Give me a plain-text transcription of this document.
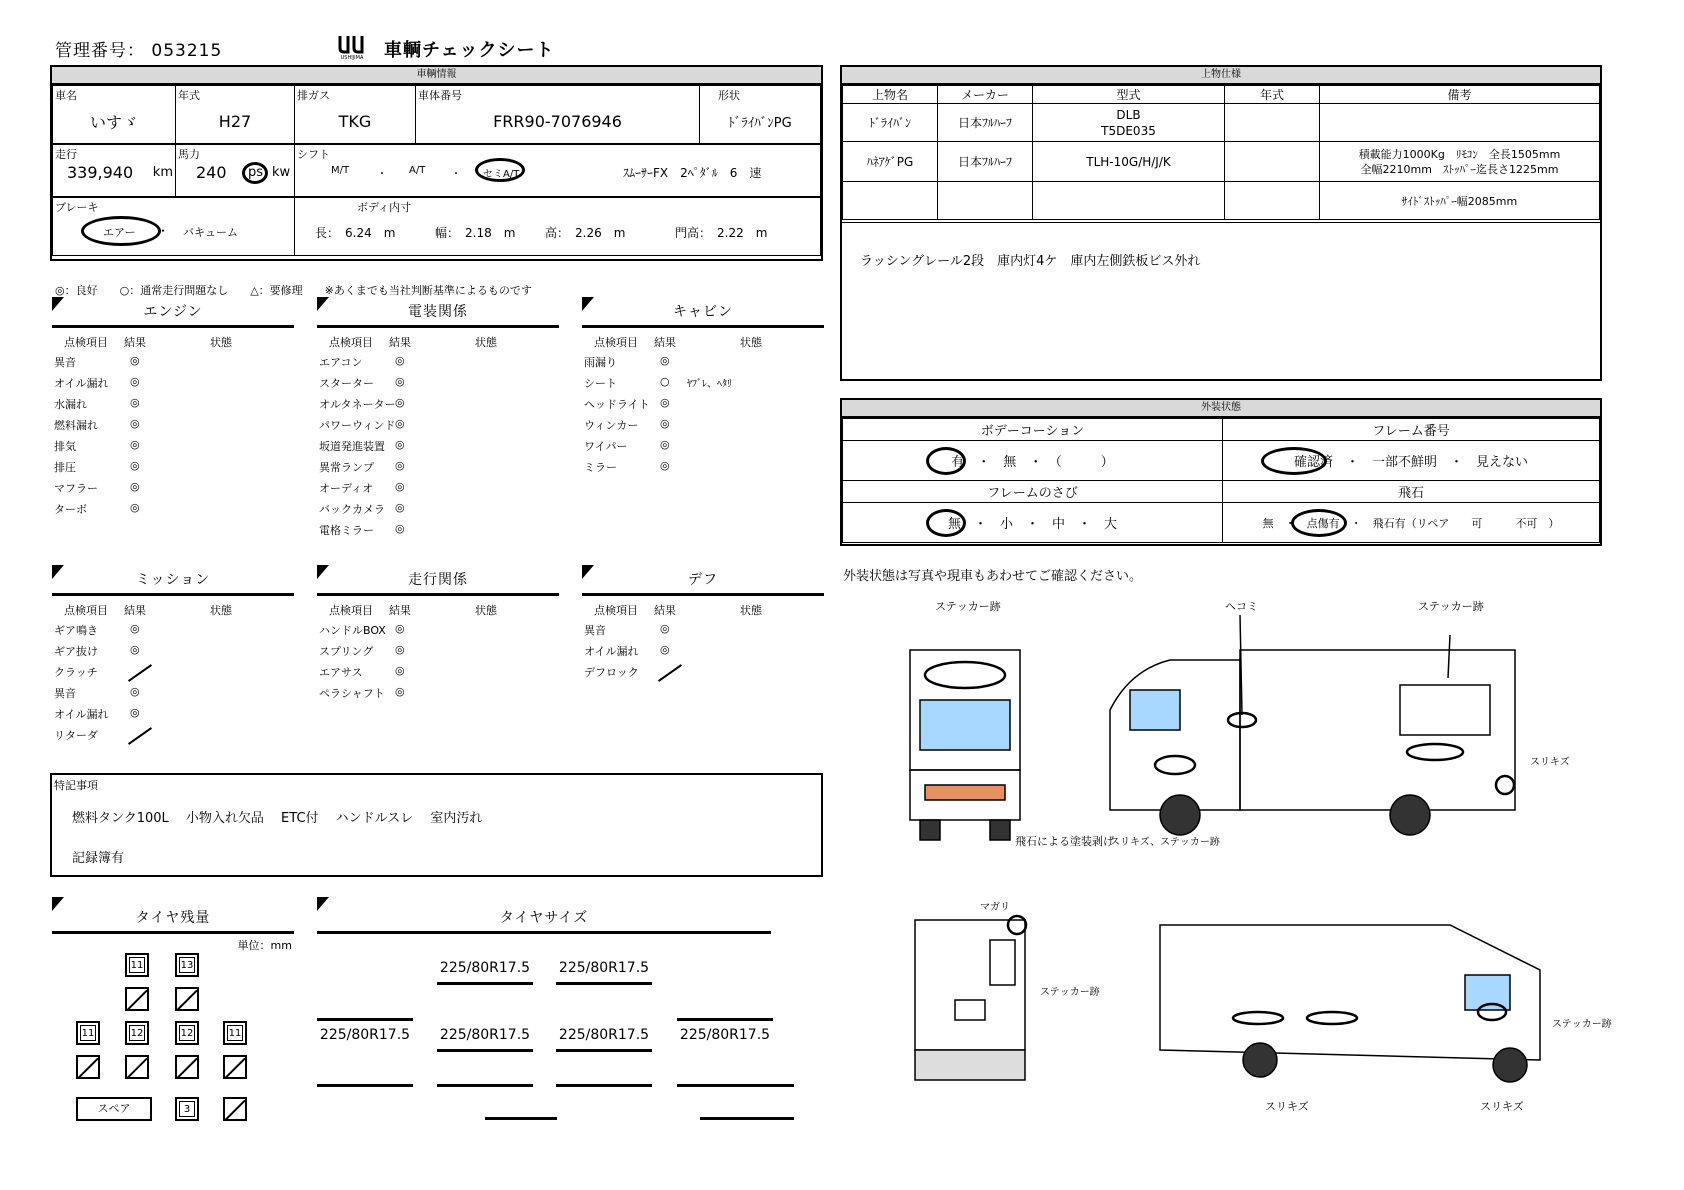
管理番号： 053215	USHIJIMA 車輌チェックシート
車輌情報
車名
いすゞ

年式
H27

排ガス
TKG

車体番号
FRR90-7076946

形状
ﾄﾞﾗｲﾊﾞﾝPG
走行
339,940 km

馬力
240 ps kw

シフト
M/T	・ A/T	・ セミA/T	ｽﾑｰｻｰFX　2ﾍﾟﾀﾞﾙ　6　速
ブレーキ
エアー ・ バキューム

ボディ内寸
長：　6.24　m	幅：　2.18　m 高：　2.26　m	門高：　2.22　m
◎：良好　　○：通常走行問題なし　　△：要修理　　※あくまでも当社判断基準によるものです
エンジン
点検項目 結果	状態
異音	◎
オイル漏れ ◎
水漏れ	◎
燃料漏れ	◎
排気	◎
排圧	◎
マフラー	◎
ターボ	◎
電装関係
点検項目 結果	状態
エアコン	◎
スターター ◎
オルタネーター ◎
パワーウィンド ◎
坂道発進装置 ◎
異常ランプ ◎
オーディオ ◎
バックカメラ ◎
電格ミラー ◎
キャビン
点検項目 結果	状態
雨漏り	◎
シート	○ ﾔﾌﾞﾚ、ﾍﾀﾘ
ヘッドライト ◎
ウィンカー ◎
ワイパー	◎
ミラー	◎
ミッション
点検項目 結果	状態
ギア鳴き	◎
ギア抜け	◎
クラッチ
異音	◎
オイル漏れ ◎
リターダ
走行関係
点検項目 結果	状態
ハンドルBOX ◎
スプリング ◎
エアサス	◎
ペラシャフト ◎
デフ
点検項目 結果	状態
異音	◎
オイル漏れ ◎
デフロック
特記事項
燃料タンク100L　 小物入れ欠品　 ETC付　 ハンドルスレ　 室内汚れ
記録簿有
タイヤ残量
単位：mm
11	13
11	12	12	11
スペア	3
タイヤサイズ
225/80R17.5 225/80R17.5
225/80R17.5 225/80R17.5 225/80R17.5 225/80R17.5
上物仕様
上物名	メーカー	型式	年式	備考
ﾄﾞﾗｲﾊﾞﾝ	日本ﾌﾙﾊｰﾌ	DLB
T5DE035		
ﾊﾈｱｹﾞPG	日本ﾌﾙﾊｰﾌ	TLH-10G/H/J/K		積載能力1000Kg　ﾘﾓｺﾝ　全長1505mm
全幅2210mm　ｽﾄｯﾊﾟｰ迄長さ1225mm
				ｻｲﾄﾞｽﾄｯﾊﾟｰ幅2085mm
ラッシングレール2段　庫内灯4ケ　庫内左側鉄板ビス外れ
外装状態
ボデーコーション	フレーム番号
有　・　無　・　（　　　）	確認済　・　一部不鮮明　・　見えない

フレームのさび	飛石
無　・　小　・　中　・　大	無　・　点傷有　・　飛石有（リペア　　可　　　不可　）
外装状態は写真や現車もあわせてご確認ください。
ステッカー跡
飛石による塗装剥げ
ヘコミ	ステッカー跡
スリキズ
スリキズ、ステッカー跡
マガリ
ステッカー跡
スリキズ	スリキズ
ステッカー跡
